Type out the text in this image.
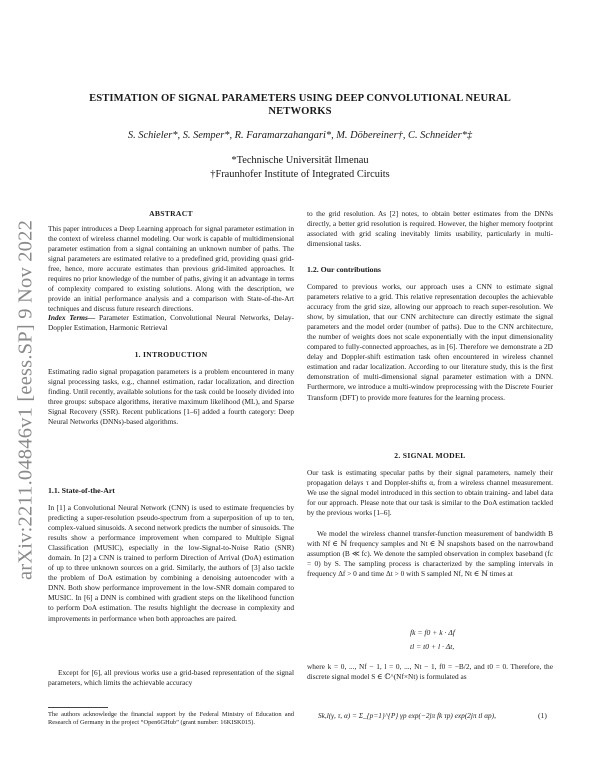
arXiv:2211.04846v1 [eess.SP] 9 Nov 2022
ESTIMATION OF SIGNAL PARAMETERS USING DEEP CONVOLUTIONAL NEURAL
NETWORKS
S. Schieler*, S. Semper*, R. Faramarzahangari*, M. Döbereiner†, C. Schneider*‡
*Technische Universität Ilmenau
†Fraunhofer Institute of Integrated Circuits
ABSTRACT
This paper introduces a Deep Learning approach for signal parameter estimation in the context of wireless channel modeling. Our work is capable of multidimensional parameter estimation from a signal containing an unknown number of paths. The signal parameters are estimated relative to a predefined grid, providing quasi grid-free, hence, more accurate estimates than previous grid-limited approaches. It requires no prior knowledge of the number of paths, giving it an advantage in terms of complexity compared to existing solutions. Along with the description, we provide an initial performance analysis and a comparison with State-of-the-Art techniques and discuss future research directions.
Index Terms— Parameter Estimation, Convolutional Neural Networks, Delay-Doppler Estimation, Harmonic Retrieval
1. INTRODUCTION
Estimating radio signal propagation parameters is a problem encountered in many signal processing tasks, e.g., channel estimation, radar localization, and direction finding. Until recently, available solutions for the task could be loosely divided into three groups: subspace algorithms, iterative maximum likelihood (ML), and Sparse Signal Recovery (SSR). Recent publications [1–6] added a fourth category: Deep Neural Networks (DNNs)-based algorithms.
1.1. State-of-the-Art
In [1] a Convolutional Neural Network (CNN) is used to estimate frequencies by predicting a super-resolution pseudo-spectrum from a superposition of up to ten, complex-valued sinusoids. A second network predicts the number of sinusoids. The results show a performance improvement when compared to Multiple Signal Classification (MUSIC), especially in the low-Signal-to-Noise Ratio (SNR) domain. In [2] a CNN is trained to perform Direction of Arrival (DoA) estimation of up to three unknown sources on a grid. Similarly, the authors of [3] also tackle the problem of DoA estimation by combining a denoising autoencoder with a DNN. Both show performance improvement in the low-SNR domain compared to MUSIC. In [6] a DNN is combined with gradient steps on the likelihood function to perform DoA estimation. The results highlight the decrease in complexity and improvements in performance when both approaches are paired.
Except for [6], all previous works use a grid-based representation of the signal parameters, which limits the achievable accuracy
The authors acknowledge the financial support by the Federal Ministry of Education and Research of Germany in the project “Open6GHub” (grant number: 16KISK015).
to the grid resolution. As [2] notes, to obtain better estimates from the DNNs directly, a better grid resolution is required. However, the higher memory footprint associated with grid scaling inevitably limits usability, particularly in multi-dimensional tasks.
1.2. Our contributions
Compared to previous works, our approach uses a CNN to estimate signal parameters relative to a grid. This relative representation decouples the achievable accuracy from the grid size, allowing our approach to reach super-resolution. We show, by simulation, that our CNN architecture can directly estimate the signal parameters and the model order (number of paths). Due to the CNN architecture, the number of weights does not scale exponentially with the input dimensionality compared to fully-connected approaches, as in [6]. Therefore we demonstrate a 2D delay and Doppler-shift estimation task often encountered in wireless channel estimation and radar localization. According to our literature study, this is the first demonstration of multi-dimensional signal parameter estimation with a DNN. Furthermore, we introduce a multi-window preprocessing with the Discrete Fourier Transform (DFT) to provide more features for the learning process.
2. SIGNAL MODEL
Our task is estimating specular paths by their signal parameters, namely their propagation delays τ and Doppler-shifts α, from a wireless channel measurement. We use the signal model introduced in this section to obtain training- and label data for our approach. Please note that our task is similar to the DoA estimation tackled by the previous works [1–6].
We model the wireless channel transfer-function measurement of bandwidth B with Nf ∈ ℕ frequency samples and Nt ∈ ℕ snapshots based on the narrowband assumption (B ≪ fc). We denote the sampled observation in complex baseband (fc = 0) by S. The sampling process is characterized by the sampling intervals in frequency Δf > 0 and time Δt > 0 with S sampled Nf, Nt ∈ ℕ times at
fk = f0 + k · Δf
tl = t0 + l · Δt,
where k = 0, ..., Nf − 1, l = 0, ..., Nt − 1, f0 = −B/2, and t0 = 0. Therefore, the discrete signal model S ∈ ℂ^(Nf×Nt) is formulated as
Sk,l(γ, τ, α) = Σ_{p=1}^{P} γp exp(−2jπ fk τp) exp(2jπ tl αp),	(1)
